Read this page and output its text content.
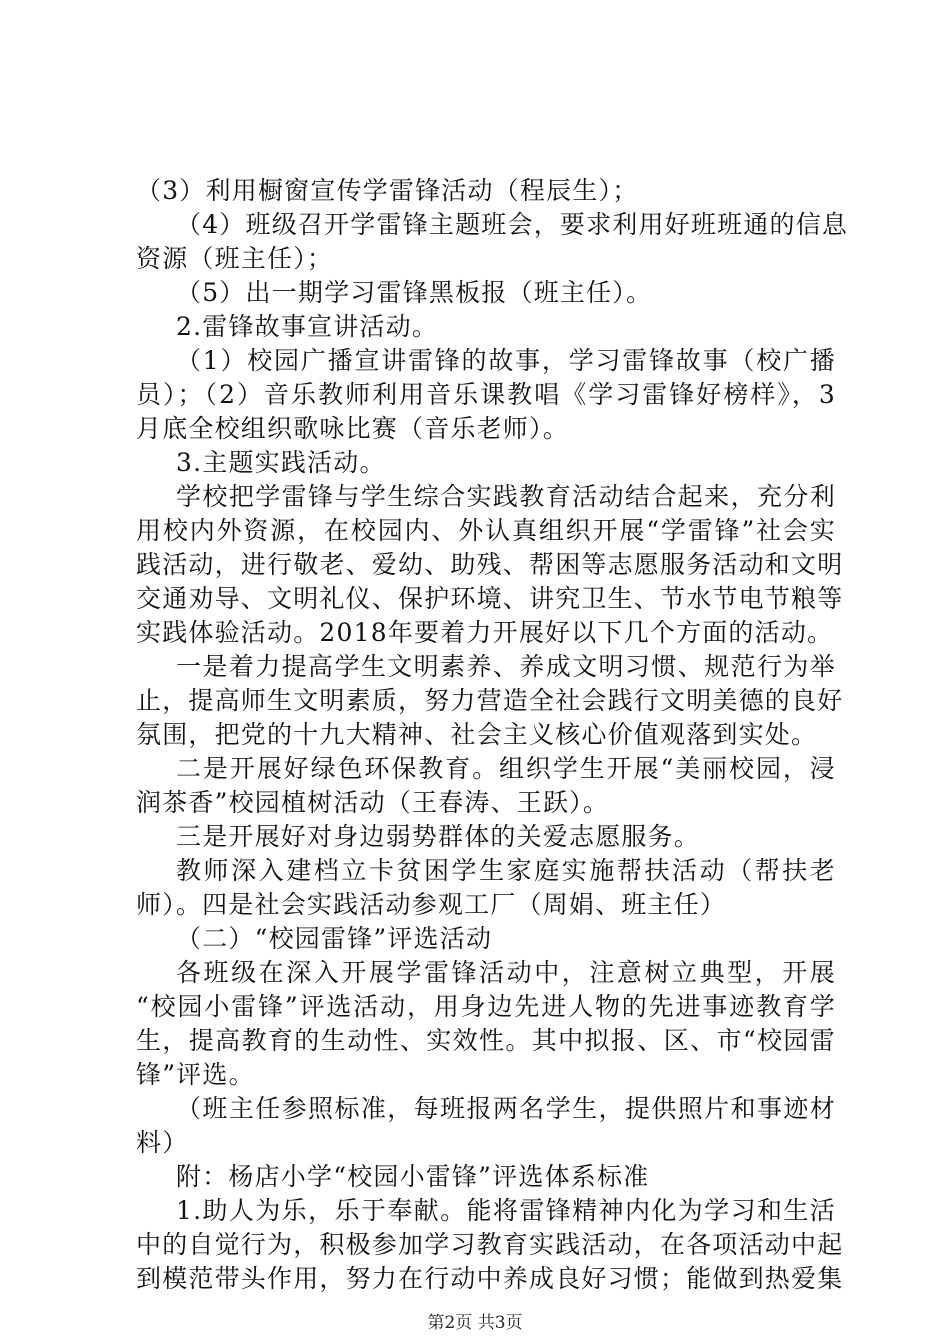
（3）利用橱窗宣传学雷锋活动（程辰生）；
（4）班级召开学雷锋主题班会，要求利用好班班通的信息
资源（班主任）；
（5）出一期学习雷锋黑板报（班主任）。
2.雷锋故事宣讲活动。
（1）校园广播宣讲雷锋的故事，学习雷锋故事（校广播
员）；（2）音乐教师利用音乐课教唱《学习雷锋好榜样》，3
月底全校组织歌咏比赛（音乐老师）。
3.主题实践活动。
学校把学雷锋与学生综合实践教育活动结合起来，充分利
用校内外资源，在校园内、外认真组织开展“学雷锋”社会实
践活动，进行敬老、爱幼、助残、帮困等志愿服务活动和文明
交通劝导、文明礼仪、保护环境、讲究卫生、节水节电节粮等
实践体验活动。2018年要着力开展好以下几个方面的活动。
一是着力提高学生文明素养、养成文明习惯、规范行为举
止，提高师生文明素质，努力营造全社会践行文明美德的良好
氛围，把党的十九大精神、社会主义核心价值观落到实处。
二是开展好绿色环保教育。组织学生开展“美丽校园，浸
润茶香”校园植树活动（王春涛、王跃）。
三是开展好对身边弱势群体的关爱志愿服务。
教师深入建档立卡贫困学生家庭实施帮扶活动（帮扶老
师）。四是社会实践活动参观工厂（周娟、班主任）
（二）“校园雷锋”评选活动
各班级在深入开展学雷锋活动中，注意树立典型，开展
“校园小雷锋”评选活动，用身边先进人物的先进事迹教育学
生，提高教育的生动性、实效性。其中拟报、区、市“校园雷
锋”评选。
（班主任参照标准，每班报两名学生，提供照片和事迹材
料）
附：杨店小学“校园小雷锋”评选体系标准
1.助人为乐，乐于奉献。能将雷锋精神内化为学习和生活
中的自觉行为，积极参加学习教育实践活动，在各项活动中起
到模范带头作用，努力在行动中养成良好习惯；能做到热爱集
第2页 共3页
